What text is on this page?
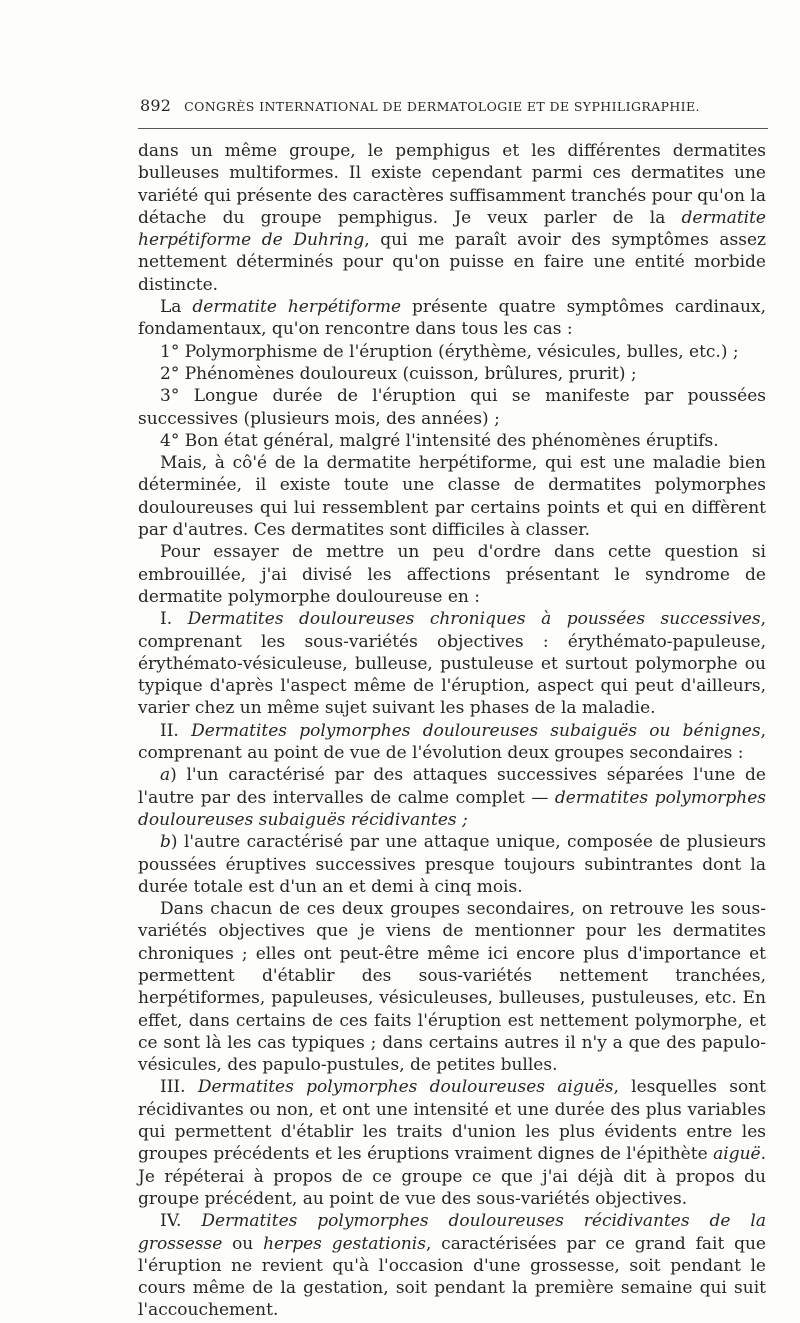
892 CONGRÈS INTERNATIONAL DE DERMATOLOGIE ET DE SYPHILIGRAPHIE.

dans un même groupe, le pemphigus et les différentes dermatites bulleuses multiformes. Il existe cependant parmi ces dermatites une variété qui présente des caractères suffisamment tranchés pour qu'on la détache du groupe pemphigus. Je veux parler de la dermatite herpétiforme de Duhring, qui me paraît avoir des symptômes assez nettement déterminés pour qu'on puisse en faire une entité morbide distincte.

La dermatite herpétiforme présente quatre symptômes cardinaux, fondamentaux, qu'on rencontre dans tous les cas :

1° Polymorphisme de l'éruption (érythème, vésicules, bulles, etc.) ;

2° Phénomènes douloureux (cuisson, brûlures, prurit) ;

3° Longue durée de l'éruption qui se manifeste par poussées successives (plusieurs mois, des années) ;

4° Bon état général, malgré l'intensité des phénomènes éruptifs.

Mais, à cô'é de la dermatite herpétiforme, qui est une maladie bien déterminée, il existe toute une classe de dermatites polymorphes douloureuses qui lui ressemblent par certains points et qui en diffèrent par d'autres. Ces dermatites sont difficiles à classer.

Pour essayer de mettre un peu d'ordre dans cette question si embrouillée, j'ai divisé les affections présentant le syndrome de dermatite polymorphe douloureuse en :

I. Dermatites douloureuses chroniques à poussées successives, comprenant les sous-variétés objectives : érythémato-papuleuse, érythémato-vésiculeuse, bulleuse, pustuleuse et surtout polymorphe ou typique d'après l'aspect même de l'éruption, aspect qui peut d'ailleurs, varier chez un même sujet suivant les phases de la maladie.

II. Dermatites polymorphes douloureuses subaiguës ou bénignes, comprenant au point de vue de l'évolution deux groupes secondaires :

a) l'un caractérisé par des attaques successives séparées l'une de l'autre par des intervalles de calme complet — dermatites polymorphes douloureuses subaiguës récidivantes ;

b) l'autre caractérisé par une attaque unique, composée de plusieurs poussées éruptives successives presque toujours subintrantes dont la durée totale est d'un an et demi à cinq mois.

Dans chacun de ces deux groupes secondaires, on retrouve les sous-variétés objectives que je viens de mentionner pour les dermatites chroniques ; elles ont peut-être même ici encore plus d'importance et permettent d'établir des sous-variétés nettement tranchées, herpétiformes, papuleuses, vésiculeuses, bulleuses, pustuleuses, etc. En effet, dans certains de ces faits l'éruption est nettement polymorphe, et ce sont là les cas typiques ; dans certains autres il n'y a que des papulo-vésicules, des papulo-pustules, de petites bulles.

III. Dermatites polymorphes douloureuses aiguës, lesquelles sont récidivantes ou non, et ont une intensité et une durée des plus variables qui permettent d'établir les traits d'union les plus évidents entre les groupes précédents et les éruptions vraiment dignes de l'épithète aiguë. Je répéterai à propos de ce groupe ce que j'ai déjà dit à propos du groupe précédent, au point de vue des sous-variétés objectives.

IV. Dermatites polymorphes douloureuses récidivantes de la grossesse ou herpes gestationis, caractérisées par ce grand fait que l'éruption ne revient qu'à l'occasion d'une grossesse, soit pendant le cours même de la gestation, soit pendant la première semaine qui suit l'accouchement.
